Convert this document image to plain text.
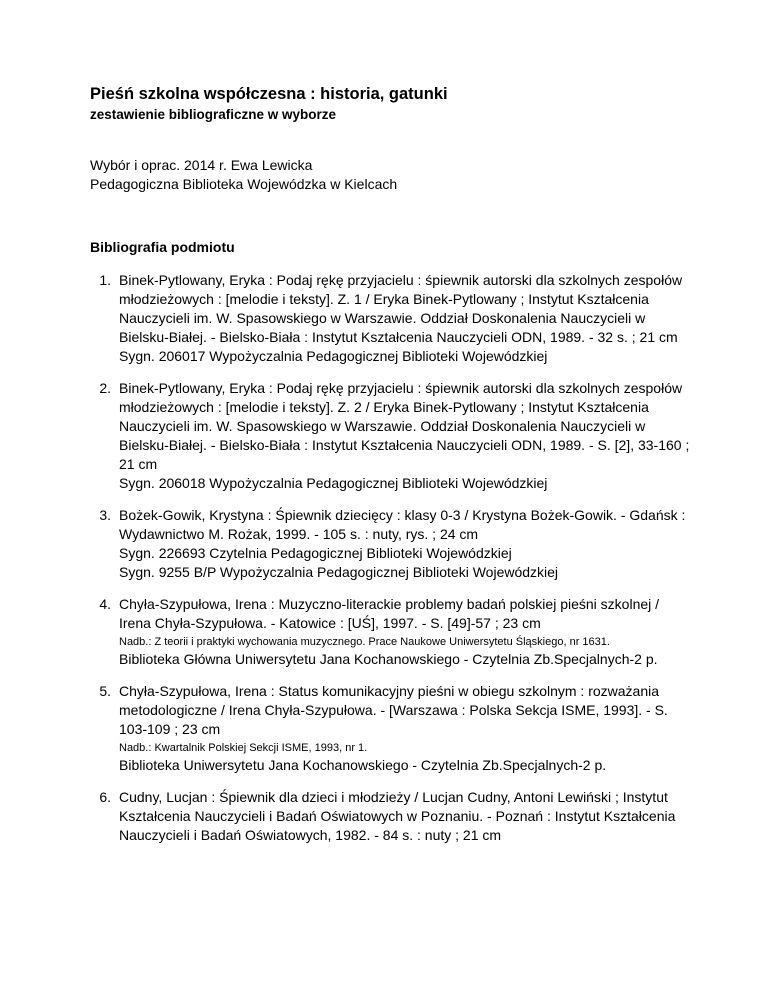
Pieśń szkolna współczesna : historia, gatunki
zestawienie bibliograficzne w wyborze
Wybór i oprac. 2014 r. Ewa Lewicka
Pedagogiczna Biblioteka Wojewódzka w Kielcach
Bibliografia podmiotu
1. Binek-Pytlowany, Eryka : Podaj rękę przyjacielu : śpiewnik autorski dla szkolnych zespołów młodzieżowych : [melodie i teksty]. Z. 1 / Eryka Binek-Pytlowany ; Instytut Kształcenia Nauczycieli im. W. Spasowskiego w Warszawie. Oddział Doskonalenia Nauczycieli w Bielsku-Białej. - Bielsko-Biała : Instytut Kształcenia Nauczycieli ODN, 1989. - 32 s. ; 21 cm
Sygn. 206017 Wypożyczalnia Pedagogicznej Biblioteki Wojewódzkiej
2. Binek-Pytlowany, Eryka : Podaj rękę przyjacielu : śpiewnik autorski dla szkolnych zespołów młodzieżowych : [melodie i teksty]. Z. 2 / Eryka Binek-Pytlowany ; Instytut Kształcenia Nauczycieli im. W. Spasowskiego w Warszawie. Oddział Doskonalenia Nauczycieli w Bielsku-Białej. - Bielsko-Biała : Instytut Kształcenia Nauczycieli ODN, 1989. - S. [2], 33-160 ; 21 cm
Sygn. 206018 Wypożyczalnia Pedagogicznej Biblioteki Wojewódzkiej
3. Bożek-Gowik, Krystyna : Śpiewnik dziecięcy : klasy 0-3 / Krystyna Bożek-Gowik. - Gdańsk : Wydawnictwo M. Rożak, 1999. - 105 s. : nuty, rys. ; 24 cm
Sygn. 226693 Czytelnia Pedagogicznej Biblioteki Wojewódzkiej
Sygn. 9255 B/P Wypożyczalnia Pedagogicznej Biblioteki Wojewódzkiej
4. Chyła-Szypułowa, Irena : Muzyczno-literackie problemy badań polskiej pieśni szkolnej / Irena Chyła-Szypułowa. - Katowice : [UŚ], 1997. - S. [49]-57 ; 23 cm
Nadb.: Z teorii i praktyki wychowania muzycznego. Prace Naukowe Uniwersytetu Śląskiego, nr 1631.
Biblioteka Główna Uniwersytetu Jana Kochanowskiego - Czytelnia Zb.Specjalnych-2 p.
5. Chyła-Szypułowa, Irena : Status komunikacyjny pieśni w obiegu szkolnym : rozważania metodologiczne / Irena Chyła-Szypułowa. - [Warszawa : Polska Sekcja ISME, 1993]. - S. 103-109 ; 23 cm
Nadb.: Kwartalnik Polskiej Sekcji ISME, 1993, nr 1.
Biblioteka Uniwersytetu Jana Kochanowskiego - Czytelnia Zb.Specjalnych-2 p.
6. Cudny, Lucjan : Śpiewnik dla dzieci i młodzieży / Lucjan Cudny, Antoni Lewiński ; Instytut Kształcenia Nauczycieli i Badań Oświatowych w Poznaniu. - Poznań : Instytut Kształcenia Nauczycieli i Badań Oświatowych, 1982. - 84 s. : nuty ; 21 cm
